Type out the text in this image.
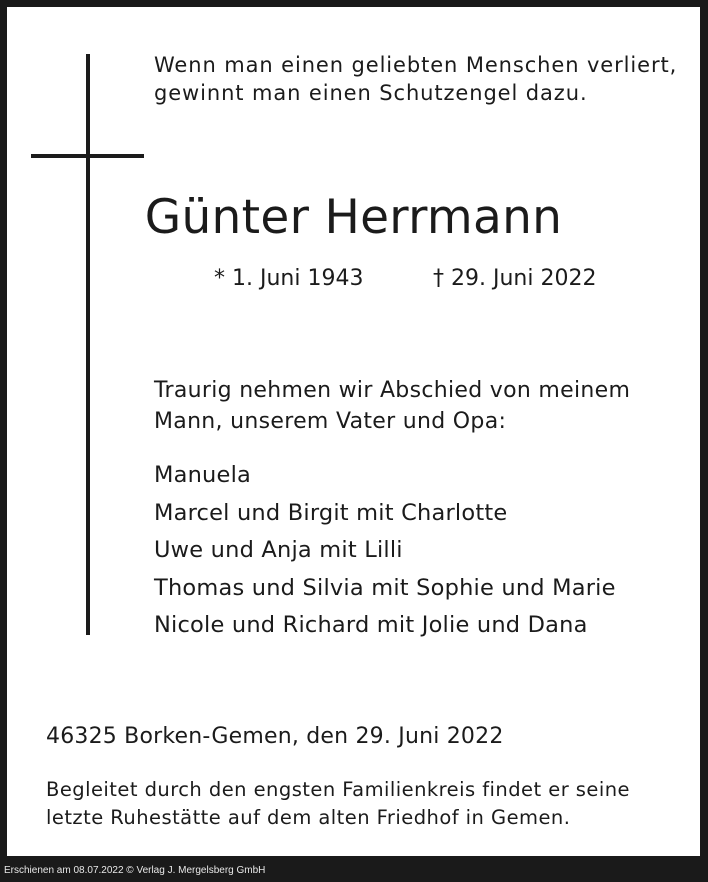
Wenn man einen geliebten Menschen verliert,
gewinnt man einen Schutzengel dazu.
Günter Herrmann
* 1. Juni 1943	† 29. Juni 2022
Traurig nehmen wir Abschied von meinem
Mann, unserem Vater und Opa:
Manuela
Marcel und Birgit mit Charlotte
Uwe und Anja mit Lilli
Thomas und Silvia mit Sophie und Marie
Nicole und Richard mit Jolie und Dana
46325 Borken-Gemen, den 29. Juni 2022
Begleitet durch den engsten Familienkreis findet er seine
letzte Ruhestätte auf dem alten Friedhof in Gemen.
Erschienen am 08.07.2022 © Verlag J. Mergelsberg GmbH
